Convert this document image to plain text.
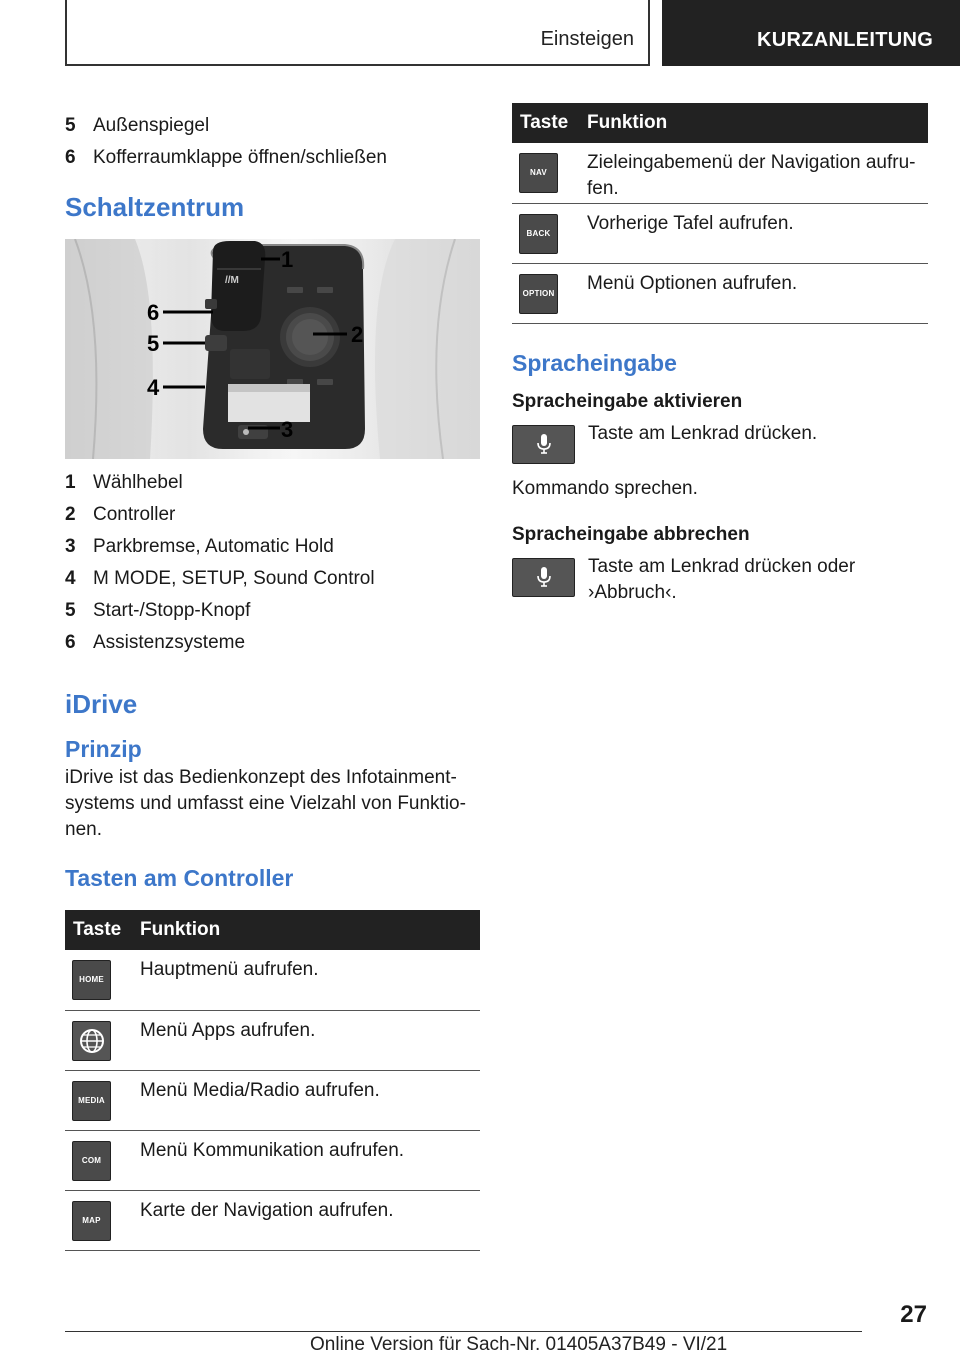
Einsteigen	KURZANLEITUNG
5 Außenspiegel
6 Kofferraumklappe öffnen/schließen
Schaltzentrum
//M
1
2
3
4
5
6
1 Wählhebel
2 Controller
3 Parkbremse, Automatic Hold
4 M MODE, SETUP, Sound Control
5 Start-/Stopp-Knopf
6 Assistenzsysteme
iDrive
Prinzip
iDrive ist das Bedienkonzept des Infotainment-systems und umfasst eine Vielzahl von Funktio-nen.
Tasten am Controller
Taste	Funktion

HOME	Hauptmenü aufrufen.

	Menü Apps aufrufen.

MEDIA	Menü Media/Radio aufrufen.

COM	Menü Kommunikation aufrufen.

MAP	Karte der Navigation aufrufen.
Taste	Funktion

NAV	Zieleingabemenü der Navigation aufru-fen.

BACK	Vorherige Tafel aufrufen.

OPTION	Menü Optionen aufrufen.
Spracheingabe
Spracheingabe aktivieren
Taste am Lenkrad drücken.
Kommando sprechen.
Spracheingabe abbrechen
Taste am Lenkrad drücken oder ›Abbruch‹.
27
Online Version für Sach-Nr. 01405A37B49 - VI/21
